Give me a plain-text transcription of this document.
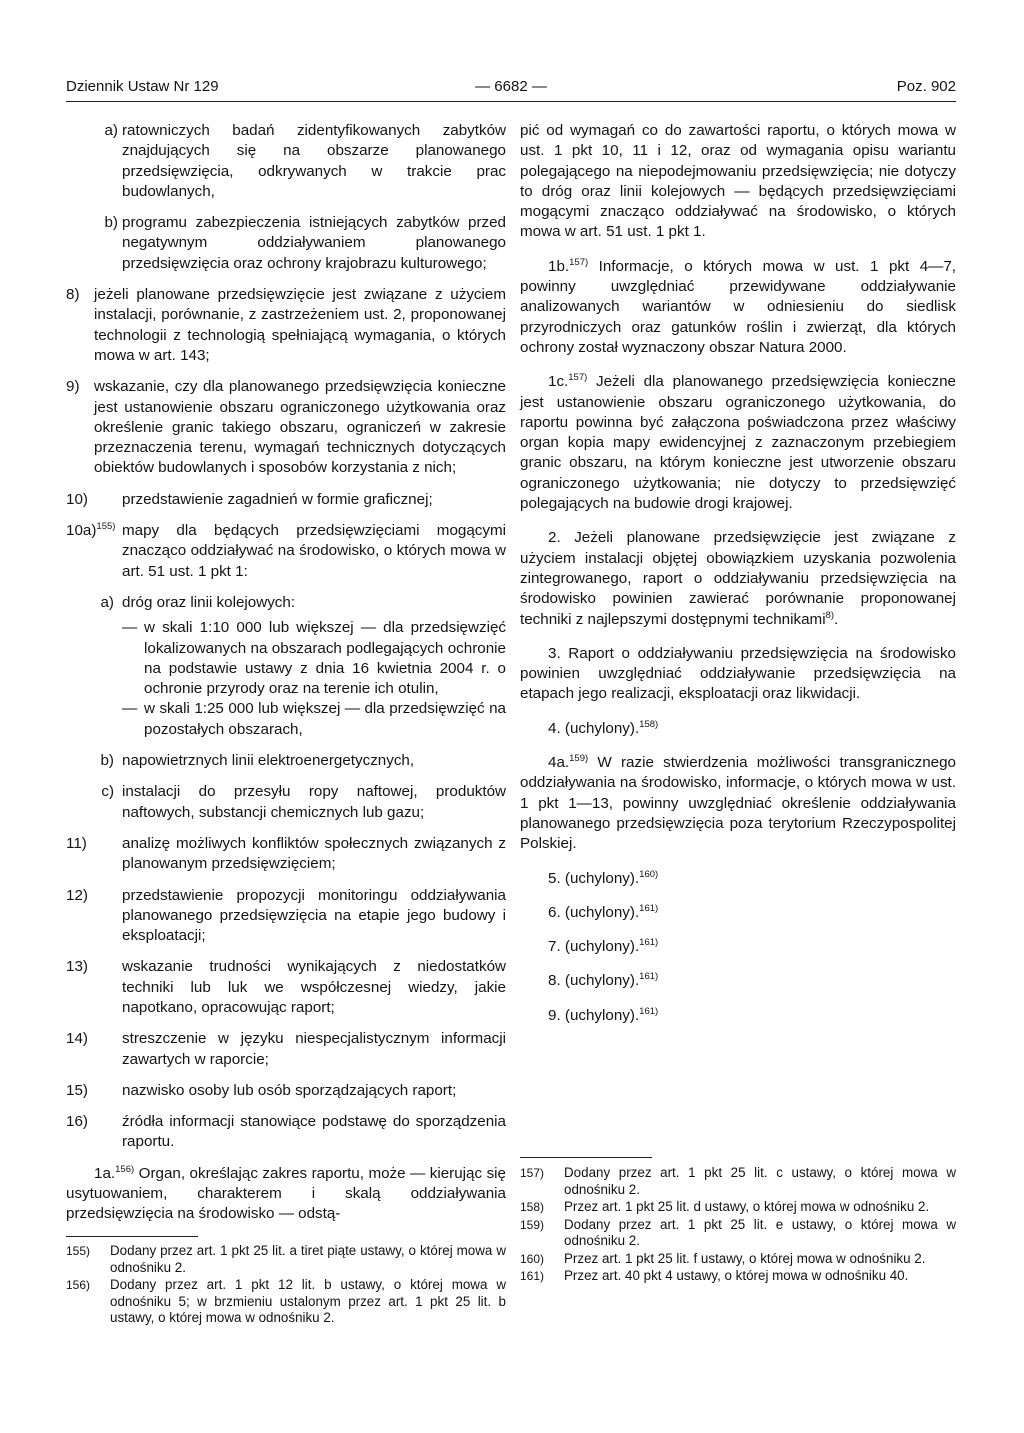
Dziennik Ustaw Nr 129	— 6682 —	Poz. 902
a) ratowniczych badań zidentyfikowanych zabytków znajdujących się na obszarze planowanego przedsięwzięcia, odkrywanych w trakcie prac budowlanych,
b) programu zabezpieczenia istniejących zabytków przed negatywnym oddziaływaniem planowanego przedsięwzięcia oraz ochrony krajobrazu kulturowego;
8) jeżeli planowane przedsięwzięcie jest związane z użyciem instalacji, porównanie, z zastrzeżeniem ust. 2, proponowanej technologii z technologią spełniającą wymagania, o których mowa w art. 143;
9) wskazanie, czy dla planowanego przedsięwzięcia konieczne jest ustanowienie obszaru ograniczonego użytkowania oraz określenie granic takiego obszaru, ograniczeń w zakresie przeznaczenia terenu, wymagań technicznych dotyczących obiektów budowlanych i sposobów korzystania z nich;
10)	przedstawienie zagadnień w formie graficznej;
10a)$^{155)}$ mapy dla będących przedsięwzięciami mogącymi znacząco oddziaływać na środowisko, o których mowa w art. 51 ust. 1 pkt 1:
a) dróg oraz linii kolejowych:
— w skali 1:10 000 lub większej — dla przedsięwzięć lokalizowanych na obszarach podlegających ochronie na podstawie ustawy z dnia 16 kwietnia 2004 r. o ochronie przyrody oraz na terenie ich otulin,
— w skali 1:25 000 lub większej — dla przedsięwzięć na pozostałych obszarach,
b) napowietrznych linii elektroenergetycznych,
c) instalacji do przesyłu ropy naftowej, produktów naftowych, substancji chemicznych lub gazu;
11)	analizę możliwych konfliktów społecznych związanych z planowanym przedsięwzięciem;
12)	przedstawienie propozycji monitoringu oddziaływania planowanego przedsięwzięcia na etapie jego budowy i eksploatacji;
13)	wskazanie trudności wynikających z niedostatków techniki lub luk we współczesnej wiedzy, jakie napotkano, opracowując raport;
14)	streszczenie w języku niespecjalistycznym informacji zawartych w raporcie;
15)	nazwisko osoby lub osób sporządzających raport;
16)	źródła informacji stanowiące podstawę do sporządzenia raportu.

1a.$^{156)}$ Organ, określając zakres raportu, może — kierując się usytuowaniem, charakterem i skalą oddziaływania przedsięwzięcia na środowisko — odstą-

155) Dodany przez art. 1 pkt 25 lit. a tiret piąte ustawy, o której mowa w odnośniku 2.
156) Dodany przez art. 1 pkt 12 lit. b ustawy, o której mowa w odnośniku 5; w brzmieniu ustalonym przez art. 1 pkt 25 lit. b ustawy, o której mowa w odnośniku 2.

pić od wymagań co do zawartości raportu, o których mowa w ust. 1 pkt 10, 11 i 12, oraz od wymagania opisu wariantu polegającego na niepodejmowaniu przedsięwzięcia; nie dotyczy to dróg oraz linii kolejowych — będących przedsięwzięciami mogącymi znacząco oddziaływać na środowisko, o których mowa w art. 51 ust. 1 pkt 1.

1b.$^{157)}$ Informacje, o których mowa w ust. 1 pkt 4—7, powinny uwzględniać przewidywane oddziaływanie analizowanych wariantów w odniesieniu do siedlisk przyrodniczych oraz gatunków roślin i zwierząt, dla których ochrony został wyznaczony obszar Natura 2000.

1c.$^{157)}$ Jeżeli dla planowanego przedsięwzięcia konieczne jest ustanowienie obszaru ograniczonego użytkowania, do raportu powinna być załączona poświadczona przez właściwy organ kopia mapy ewidencyjnej z zaznaczonym przebiegiem granic obszaru, na którym konieczne jest utworzenie obszaru ograniczonego użytkowania; nie dotyczy to przedsięwzięć polegających na budowie drogi krajowej.

2. Jeżeli planowane przedsięwzięcie jest związane z użyciem instalacji objętej obowiązkiem uzyskania pozwolenia zintegrowanego, raport o oddziaływaniu przedsięwzięcia na środowisko powinien zawierać porównanie proponowanej techniki z najlepszymi dostępnymi technikami$^{8)}$.

3. Raport o oddziaływaniu przedsięwzięcia na środowisko powinien uwzględniać oddziaływanie przedsięwzięcia na etapach jego realizacji, eksploatacji oraz likwidacji.

4. (uchylony).$^{158)}$

4a.$^{159)}$ W razie stwierdzenia możliwości transgranicznego oddziaływania na środowisko, informacje, o których mowa w ust. 1 pkt 1—13, powinny uwzględniać określenie oddziaływania planowanego przedsięwzięcia poza terytorium Rzeczypospolitej Polskiej.

5. (uchylony).$^{160)}$

6. (uchylony).$^{161)}$

7. (uchylony).$^{161)}$

8. (uchylony).$^{161)}$

9. (uchylony).$^{161)}$

157) Dodany przez art. 1 pkt 25 lit. c ustawy, o której mowa w odnośniku 2.
158) Przez art. 1 pkt 25 lit. d ustawy, o której mowa w odnośniku 2.
159) Dodany przez art. 1 pkt 25 lit. e ustawy, o której mowa w odnośniku 2.
160) Przez art. 1 pkt 25 lit. f ustawy, o której mowa w odnośniku 2.
161) Przez art. 40 pkt 4 ustawy, o której mowa w odnośniku 40.
